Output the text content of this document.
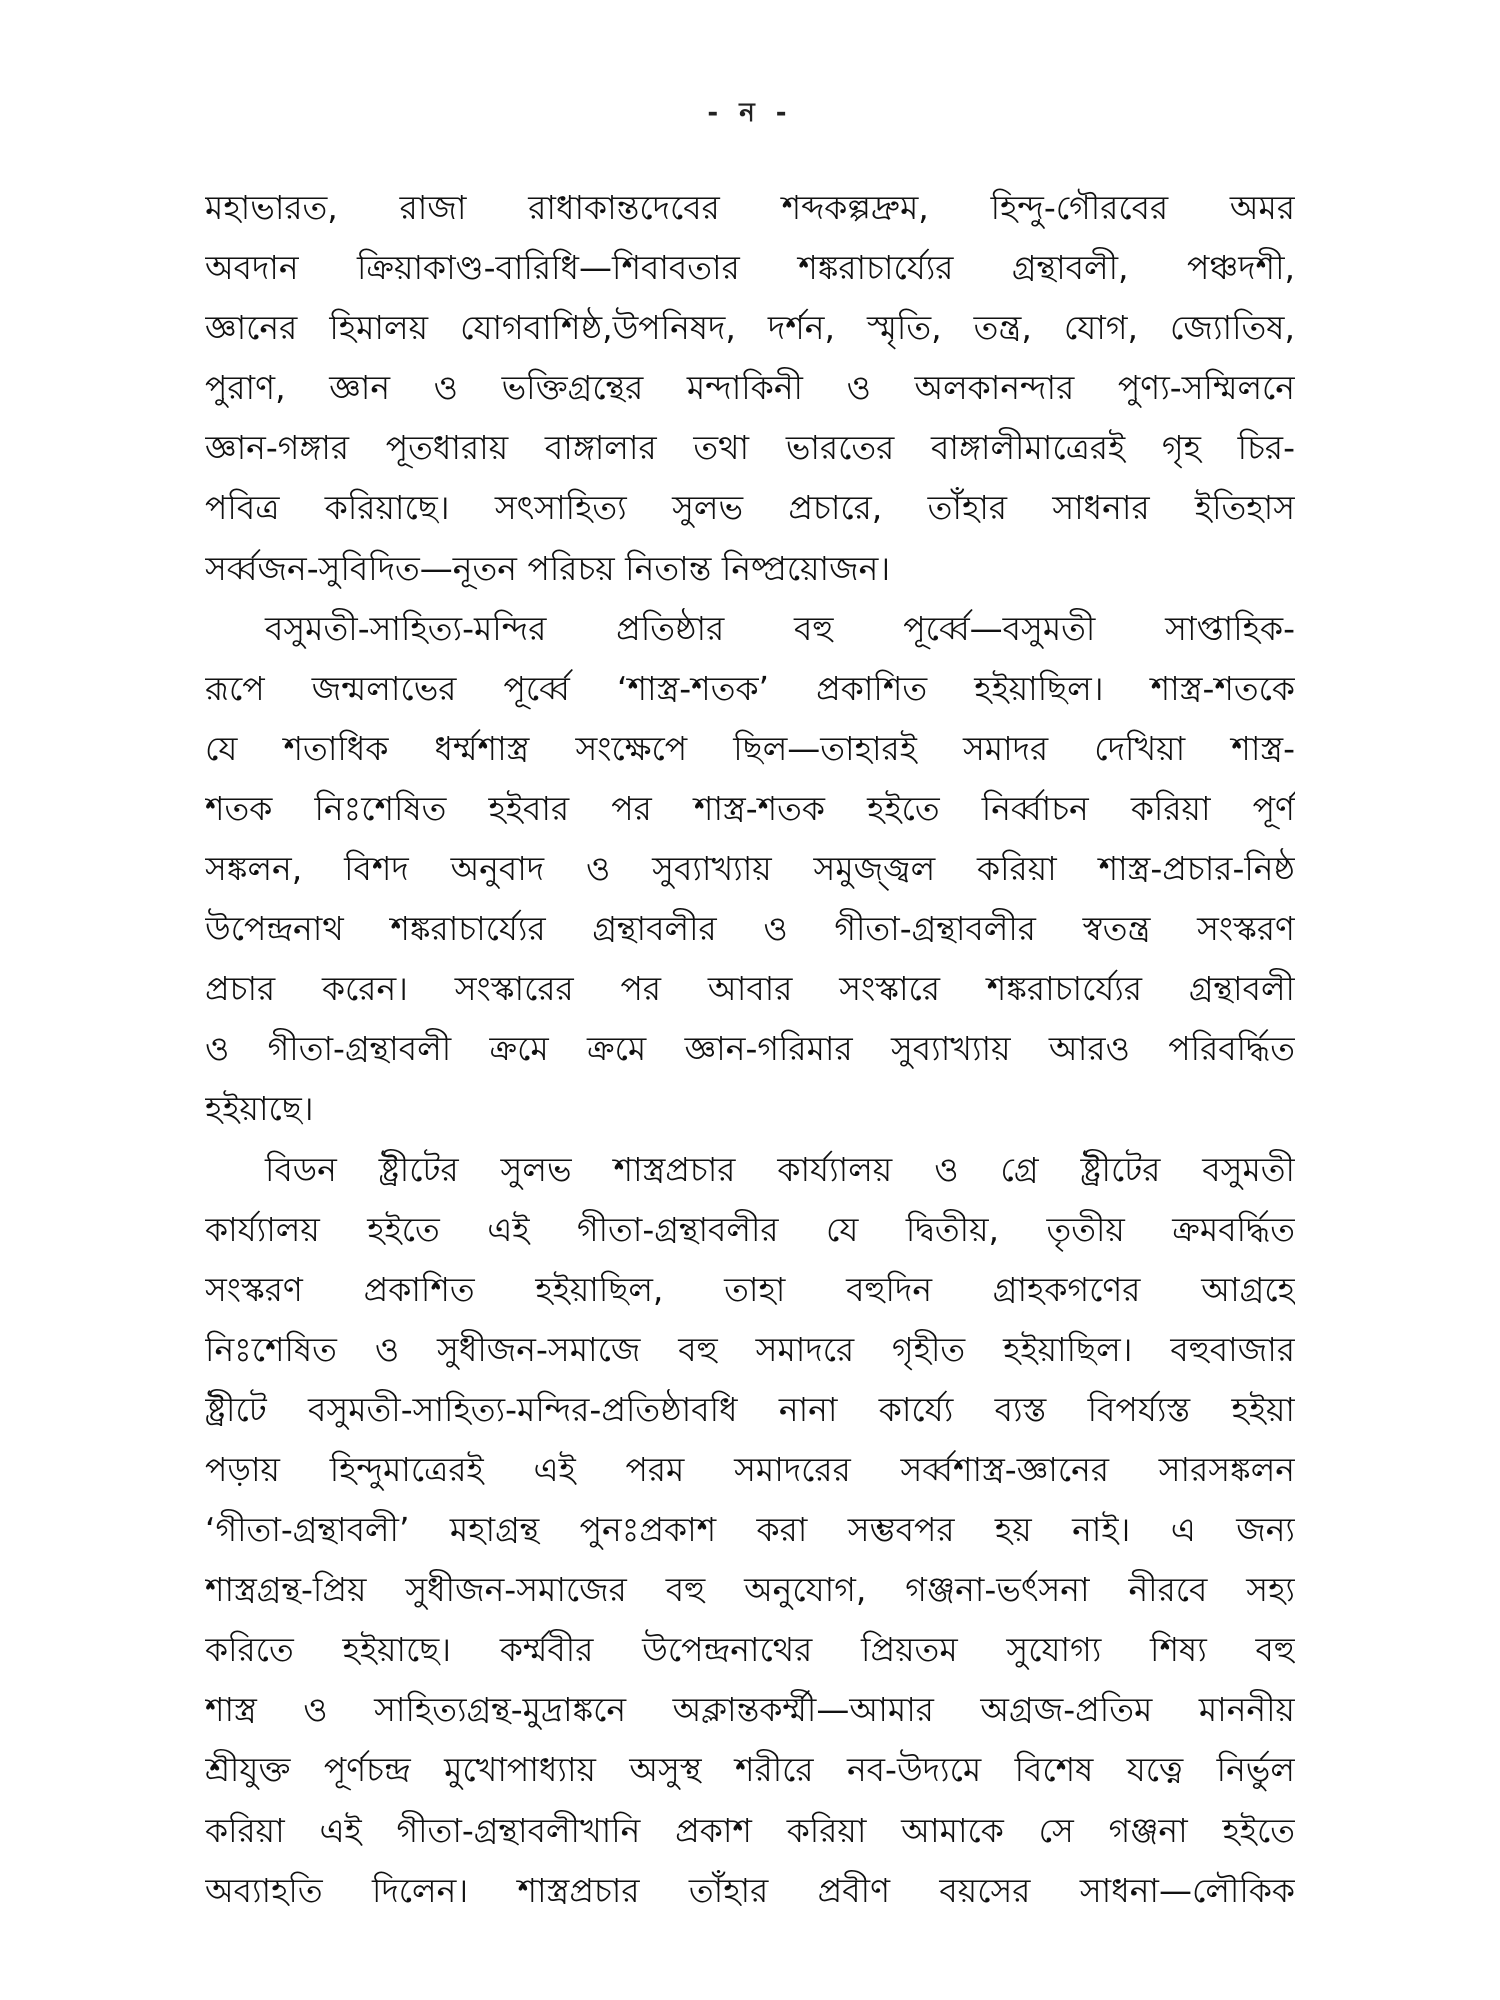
- ন -
মহাভারত, রাজা রাধাকান্তদেবের শব্দকল্পদ্রুম, হিন্দু-গৌরবের অমর
অবদান ক্রিয়াকাণ্ড-বারিধি—শিবাবতার শঙ্করাচার্য্যের গ্রন্থাবলী, পঞ্চদশী,
জ্ঞানের হিমালয় যোগবাশিষ্ঠ,উপনিষদ, দর্শন, স্মৃতি, তন্ত্র, যোগ, জ্যোতিষ,
পুরাণ, জ্ঞান ও ভক্তিগ্রন্থের মন্দাকিনী ও অলকানন্দার পুণ্য-সম্মিলনে
জ্ঞান-গঙ্গার পূতধারায় বাঙ্গালার তথা ভারতের বাঙ্গালীমাত্রেরই গৃহ চির-
পবিত্র করিয়াছে। সৎসাহিত্য সুলভ প্রচারে, তাঁহার সাধনার ইতিহাস
সর্ব্বজন-সুবিদিত—নূতন পরিচয় নিতান্ত নিষ্প্রয়োজন।
বসুমতী-সাহিত্য-মন্দির প্রতিষ্ঠার বহু পূর্ব্বে—বসুমতী সাপ্তাহিক-
রূপে জন্মলাভের পূর্ব্বে ‘শাস্ত্র-শতক’ প্রকাশিত হইয়াছিল। শাস্ত্র-শতকে
যে শতাধিক ধর্ম্মশাস্ত্র সংক্ষেপে ছিল—তাহারই সমাদর দেখিয়া শাস্ত্র-
শতক নিঃশেষিত হইবার পর শাস্ত্র-শতক হইতে নির্ব্বাচন করিয়া পূর্ণ
সঙ্কলন, বিশদ অনুবাদ ও সুব্যাখ্যায় সমুজ্জ্বল করিয়া শাস্ত্র-প্রচার-নিষ্ঠ
উপেন্দ্রনাথ শঙ্করাচার্য্যের গ্রন্থাবলীর ও গীতা-গ্রন্থাবলীর স্বতন্ত্র সংস্করণ
প্রচার করেন। সংস্কারের পর আবার সংস্কারে শঙ্করাচার্য্যের গ্রন্থাবলী
ও গীতা-গ্রন্থাবলী ক্রমে ক্রমে জ্ঞান-গরিমার সুব্যাখ্যায় আরও পরিবর্দ্ধিত
হইয়াছে।
বিডন ষ্ট্রীটের সুলভ শাস্ত্রপ্রচার কার্য্যালয় ও গ্রে ষ্ট্রীটের বসুমতী
কার্য্যালয় হইতে এই গীতা-গ্রন্থাবলীর যে দ্বিতীয়, তৃতীয় ক্রমবর্দ্ধিত
সংস্করণ প্রকাশিত হইয়াছিল, তাহা বহুদিন গ্রাহকগণের আগ্রহে
নিঃশেষিত ও সুধীজন-সমাজে বহু সমাদরে গৃহীত হইয়াছিল। বহুবাজার
ষ্ট্রীটে বসুমতী-সাহিত্য-মন্দির-প্রতিষ্ঠাবধি নানা কার্য্যে ব্যস্ত বিপর্য্যস্ত হইয়া
পড়ায় হিন্দুমাত্রেরই এই পরম সমাদরের সর্ব্বশাস্ত্র-জ্ঞানের সারসঙ্কলন
‘গীতা-গ্রন্থাবলী’ মহাগ্রন্থ পুনঃপ্রকাশ করা সম্ভবপর হয় নাই। এ জন্য
শাস্ত্রগ্রন্থ-প্রিয় সুধীজন-সমাজের বহু অনুযোগ, গঞ্জনা-ভর্ৎসনা নীরবে সহ্য
করিতে হইয়াছে। কর্ম্মবীর উপেন্দ্রনাথের প্রিয়তম সুযোগ্য শিষ্য বহু
শাস্ত্র ও সাহিত্যগ্রন্থ-মুদ্রাঙ্কনে অক্লান্তকর্ম্মী—আমার অগ্রজ-প্রতিম মাননীয়
শ্রীযুক্ত পূর্ণচন্দ্র মুখোপাধ্যায় অসুস্থ শরীরে নব-উদ্যমে বিশেষ যত্নে নির্ভুল
করিয়া এই গীতা-গ্রন্থাবলীখানি প্রকাশ করিয়া আমাকে সে গঞ্জনা হইতে
অব্যাহতি দিলেন। শাস্ত্রপ্রচার তাঁহার প্রবীণ বয়সের সাধনা—লৌকিক
